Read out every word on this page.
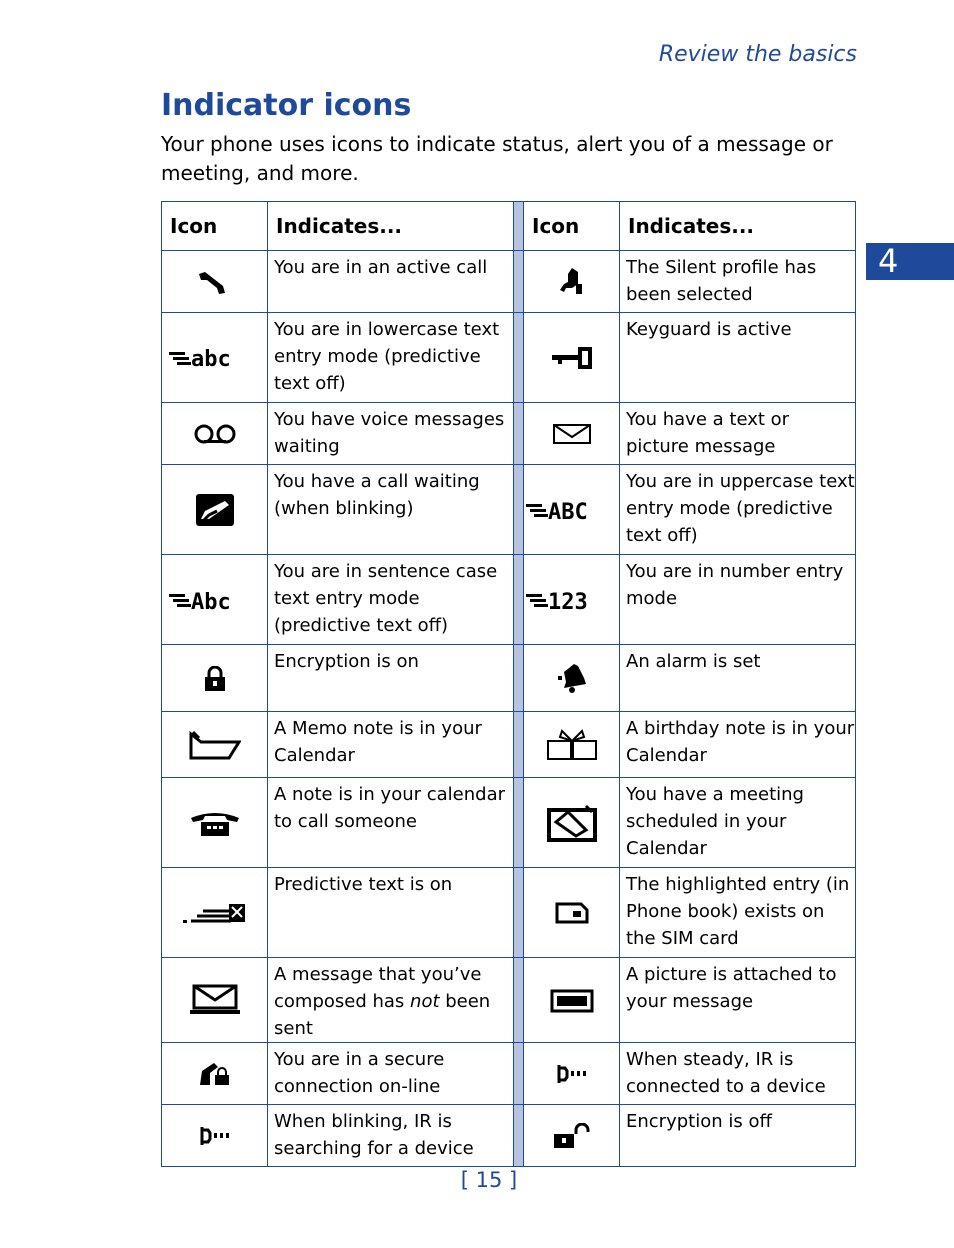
Review the basics
Indicator icons

Your phone uses icons to indicate status, alert you of a message or meeting, and more.

4
Icon	Indicates...		Icon	Indicates...
	You are in an active call			The Silent profile has been selected

abc	You are in lowercase text entry mode (predictive text off)			Keyguard is active
	You have voice messages waiting			You have a text or picture message
	You have a call waiting (when blinking)		ABC	You are in uppercase text entry mode (predictive text off)

Abc	You are in sentence case text entry mode (predictive text off)		123	You are in number entry mode
	Encryption is on			An alarm is set
	A Memo note is in your Calendar			A birthday note is in your Calendar
	A note is in your calendar to call someone			You have a meeting scheduled in your Calendar
	Predictive text is on			The highlighted entry (in Phone book) exists on the SIM card
	A message that you’ve composed has not been sent			A picture is attached to your message
	You are in a secure connection on-line			When steady, IR is connected to a device
	When blinking, IR is searching for a device			Encryption is off
[ 15 ]
